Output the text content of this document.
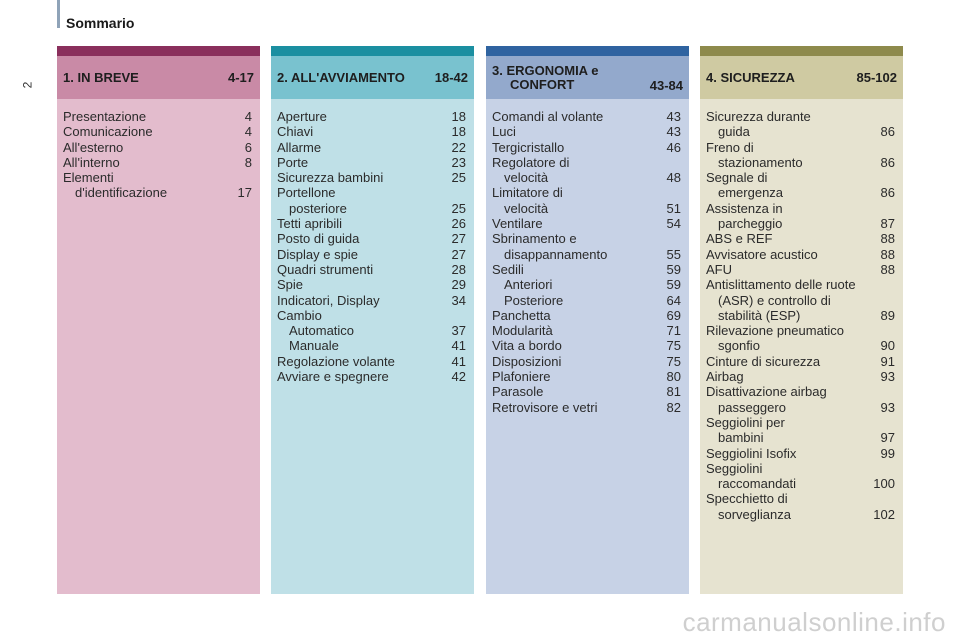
Sommario
2 1. IN BREVE	4-17
Presentazione	4
Comunicazione	4
All'esterno	6
All'interno	8
Elementi
d'identificazione	17
2. ALL'AVVIAMENTO	18-42
Aperture	18
Chiavi	18
Allarme	22
Porte	23
Sicurezza bambini	25
Portellone
posteriore	25
Tetti apribili	26
Posto di guida	27
Display e spie	27
Quadri strumenti	28
Spie	29
Indicatori, Display	34
Cambio
Automatico	37
Manuale	41
Regolazione volante	41
Avviare e spegnere	42
3. ERGONOMIA e
CONFORT	43-84
Comandi al volante	43
Luci	43
Tergicristallo	46
Regolatore di
velocità	48
Limitatore di
velocità	51
Ventilare	54
Sbrinamento e
disappannamento	55
Sedili	59
Anteriori	59
Posteriore	64
Panchetta	69
Modularità	71
Vita a bordo	75
Disposizioni	75
Plafoniere	80
Parasole	81
Retrovisore e vetri	82
4. SICUREZZA	85-102
Sicurezza durante
guida	86
Freno di
stazionamento	86
Segnale di
emergenza	86
Assistenza in
parcheggio	87
ABS e REF	88
Avvisatore acustico	88
AFU	88
Antislittamento delle ruote
(ASR) e controllo di
stabilità (ESP)	89
Rilevazione pneumatico
sgonfio	90
Cinture di sicurezza	91
Airbag	93
Disattivazione airbag
passeggero	93
Seggiolini per
bambini	97
Seggiolini Isofix	99
Seggiolini
raccomandati	100
Specchietto di
sorveglianza	102
carmanualsonline.info
